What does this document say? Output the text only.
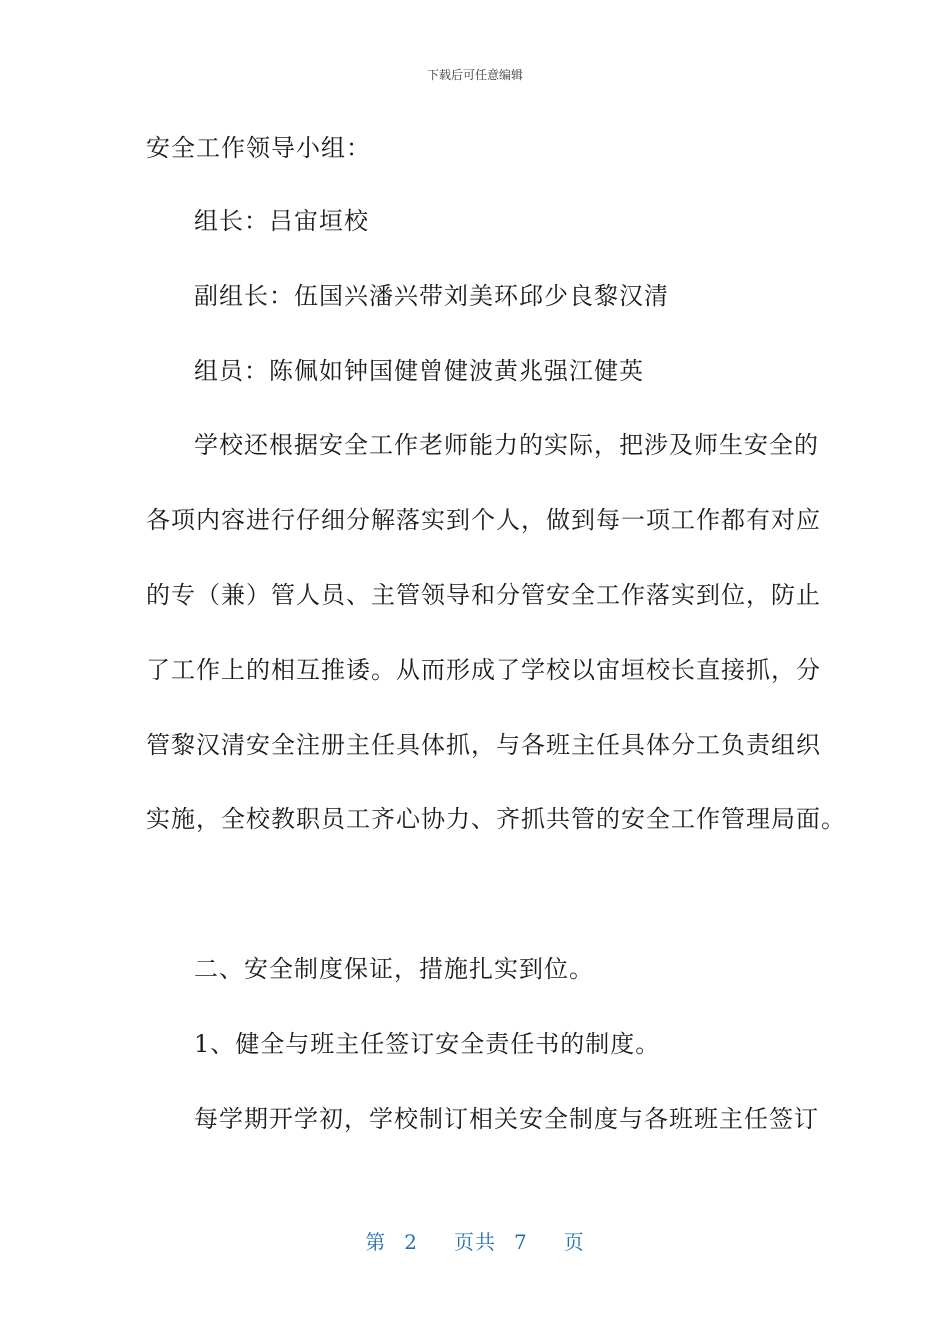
下载后可任意编辑
安全工作领导小组：
组长：吕宙垣校
副组长：伍国兴潘兴带刘美环邱少良黎汉清
组员：陈佩如钟国健曾健波黄兆强江健英
学校还根据安全工作老师能力的实际，把涉及师生安全的
各项内容进行仔细分解落实到个人，做到每一项工作都有对应
的专（兼）管人员、主管领导和分管安全工作落实到位，防止
了工作上的相互推诿。从而形成了学校以宙垣校长直接抓，分
管黎汉清安全注册主任具体抓，与各班主任具体分工负责组织
实施，全校教职员工齐心协力、齐抓共管的安全工作管理局面。
二、安全制度保证，措施扎实到位。
1、健全与班主任签订安全责任书的制度。
每学期开学初，学校制订相关安全制度与各班班主任签订
第 2 页共 7 页
